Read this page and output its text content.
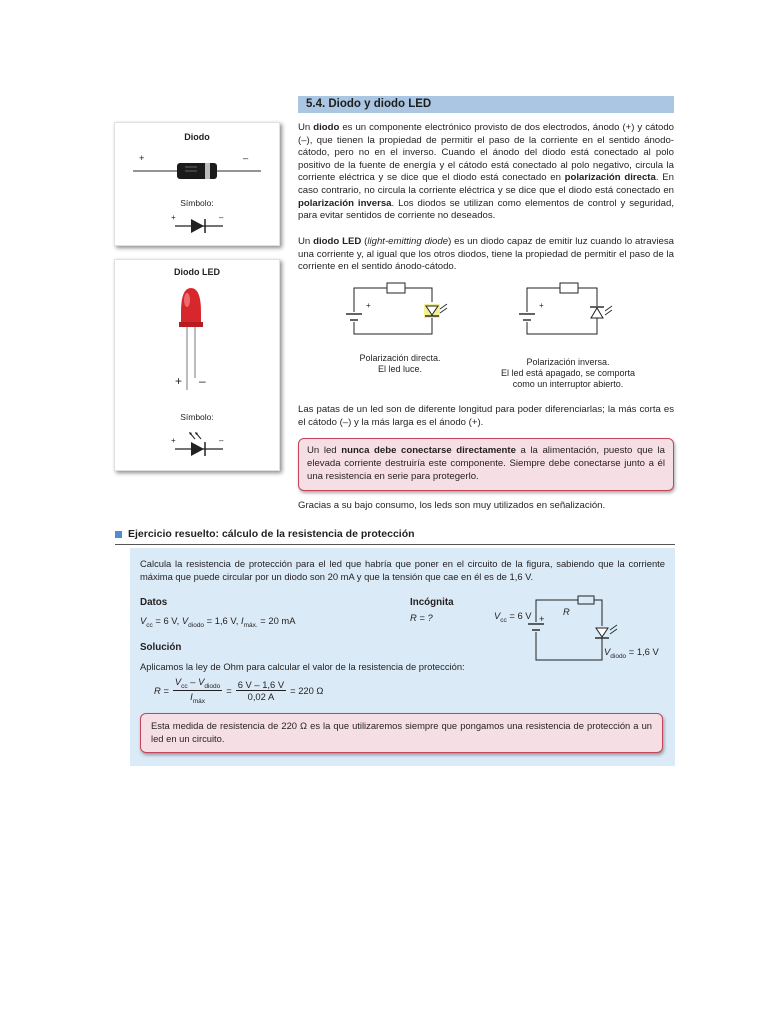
5.4. Diodo y diodo LED
Diodo
+	–
Símbolo:
+	–
Diodo LED
+ –
Símbolo:
+	–

Un diodo es un componente electrónico provisto de dos electrodos, ánodo (+) y cátodo (–), que tienen la propiedad de permitir el paso de la corriente en el sentido ánodo-cátodo, pero no en el inverso. Cuando el ánodo del diodo está conectado al polo positivo de la fuente de energía y el cátodo está conectado al polo negativo, circula la corriente eléctrica y se dice que el diodo está conectado en polarización directa. En caso contrario, no circula la corriente eléctrica y se dice que el diodo está conectado en polarización inversa. Los diodos se utilizan como elementos de control y seguridad, para evitar sentidos de corriente no deseados.

Un diodo LED (light-emitting diode) es un diodo capaz de emitir luz cuando lo atraviesa una corriente y, al igual que los otros diodos, tiene la propiedad de permitir el paso de la corriente en el sentido ánodo-cátodo.

+
Polarización directa.
El led luce.
+
Polarización inversa.
El led está apagado, se comporta
como un interruptor abierto.

Las patas de un led son de diferente longitud para poder diferenciarlas; la más corta es el cátodo (–) y la más larga es el ánodo (+).

Un led nunca debe conectarse directamente a la alimentación, puesto que la elevada corriente destruiría este componente. Siempre debe conectarse junto a él una resistencia en serie para protegerlo.

Gracias a su bajo consumo, los leds son muy utilizados en señalización.

Ejercicio resuelto: cálculo de la resistencia de protección

Calcula la resistencia de protección para el led que habría que poner en el circuito de la figura, sabiendo que la corriente máxima que puede circular por un diodo son 20 mA y que la tensión que cae en él es de 1,6 V.

Datos
$V_{cc} = 6$ V, $V_{diodo} = 1,6$ V, $I_{máx.} = 20$ mA
Incógnita
R = ?
Solución
Aplicamos la ley de Ohm para calcular el valor de la resistencia de protección:
R =
$V_{cc} - V_{diodo}$
$I_{máx}$
= $\frac{6 V - 1,6 V}{0,02 A} = 220$ Ω
$V_{cc} = 6$ V +
R
$V_{diodo} = 1,6$ V

Esta medida de resistencia de 220 Ω es la que utilizaremos siempre que pongamos una resistencia de protección a un led en un circuito.
